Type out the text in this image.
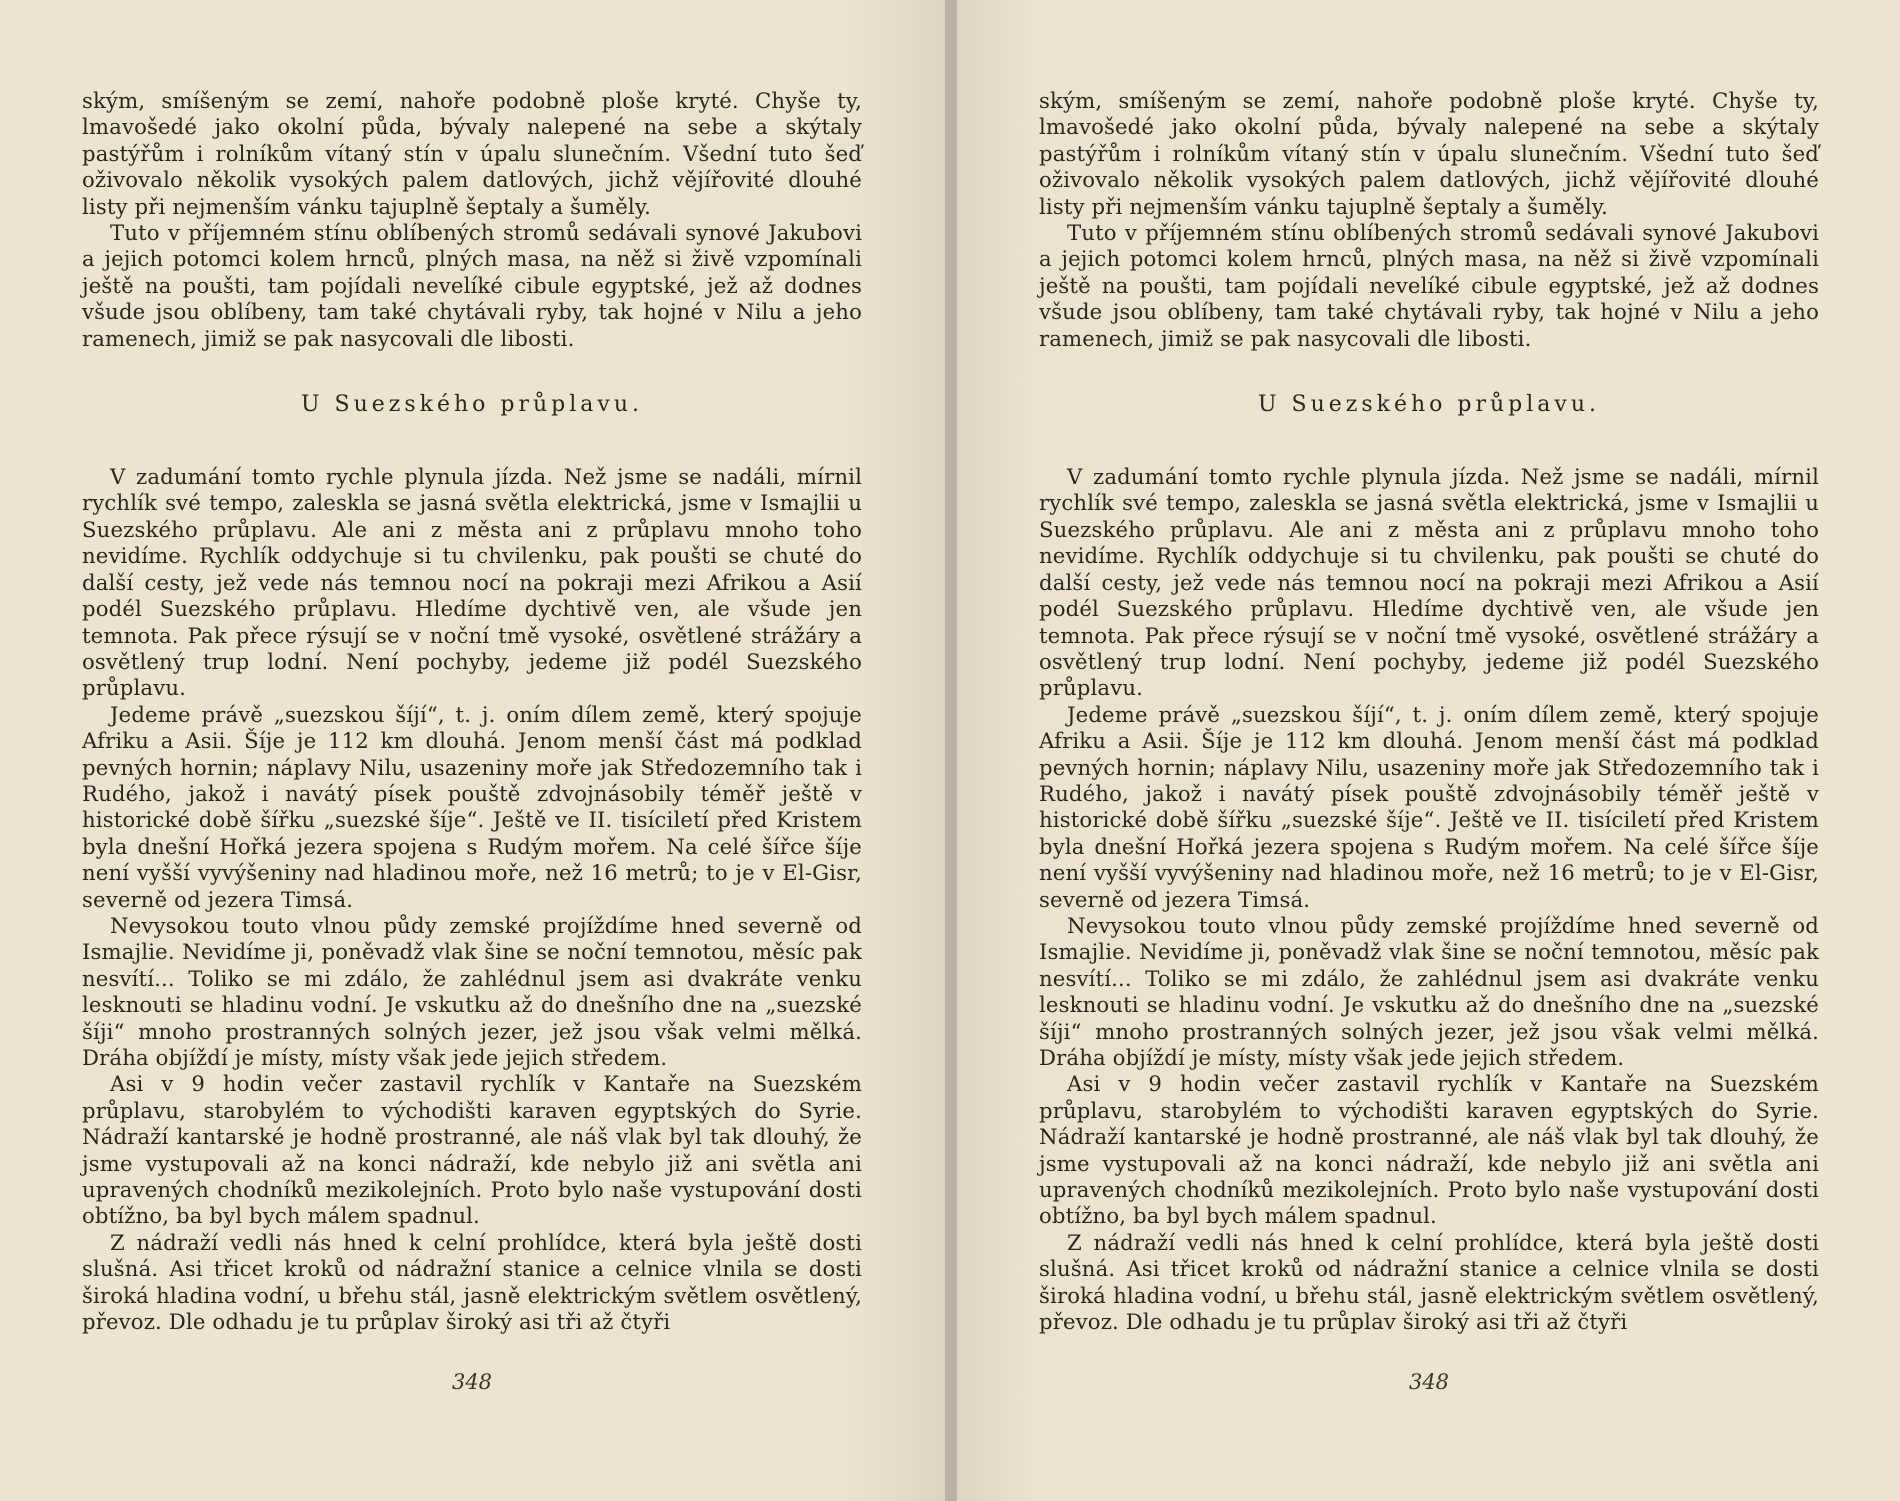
ským, smíšeným se zemí, nahoře podobně ploše kryté. Chyše ty, lmavošedé jako okolní půda, bývaly nalepené na sebe a skýtaly pastýřům i rolníkům vítaný stín v úpalu slunečním. Všední tuto šeď oživovalo několik vysokých palem datlových, jichž vějířovité dlouhé listy při nejmenším vánku tajuplně šeptaly a šuměly.

Tuto v příjemném stínu oblíbených stromů sedávali synové Jakubovi a jejich potomci kolem hrnců, plných masa, na něž si živě vzpomínali ještě na poušti, tam pojídali nevelíké cibule egyptské, jež až dodnes všude jsou oblíbeny, tam také chytávali ryby, tak hojné v Nilu a jeho ramenech, jimiž se pak nasycovali dle libosti.

U Suezského průplavu.

V zadumání tomto rychle plynula jízda. Než jsme se nadáli, mírnil rychlík své tempo, zaleskla se jasná světla elektrická, jsme v Ismajlii u Suezského průplavu. Ale ani z města ani z průplavu mnoho toho nevidíme. Rychlík oddychuje si tu chvilenku, pak poušti se chuté do další cesty, jež vede nás temnou nocí na pokraji mezi Afrikou a Asií podél Suezského průplavu. Hledíme dychtivě ven, ale všude jen temnota. Pak přece rýsují se v noční tmě vysoké, osvětlené strážáry a osvětlený trup lodní. Není pochyby, jedeme již podél Suezského průplavu.

Jedeme právě „suezskou šíjí“, t. j. oním dílem země, který spojuje Afriku a Asii. Šíje je 112 km dlouhá. Jenom menší část má podklad pevných hornin; náplavy Nilu, usazeniny moře jak Středozemního tak i Rudého, jakož i navátý písek pouště zdvojnásobily téměř ještě v historické době šířku „suezské šíje“. Ještě ve II. tisíciletí před Kristem byla dnešní Hořká jezera spojena s Rudým mořem. Na celé šířce šíje není vyšší vyvýšeniny nad hladinou moře, než 16 metrů; to je v El-Gisr, severně od jezera Timsá.

Nevysokou touto vlnou půdy zemské projíždíme hned severně od Ismajlie. Nevidíme ji, poněvadž vlak šine se noční temnotou, měsíc pak nesvítí... Toliko se mi zdálo, že zahlédnul jsem asi dvakráte venku lesknouti se hladinu vodní. Je vskutku až do dnešního dne na „suezské šíji“ mnoho prostranných solných jezer, jež jsou však velmi mělká. Dráha objíždí je místy, místy však jede jejich středem.

Asi v 9 hodin večer zastavil rychlík v Kantaře na Suezském průplavu, starobylém to východišti karaven egyptských do Syrie. Nádraží kantarské je hodně prostranné, ale náš vlak byl tak dlouhý, že jsme vystupovali až na konci nádraží, kde nebylo již ani světla ani upravených chodníků mezikolejních. Proto bylo naše vystupování dosti obtížno, ba byl bych málem spadnul.

Z nádraží vedli nás hned k celní prohlídce, která byla ještě dosti slušná. Asi třicet kroků od nádražní stanice a celnice vlnila se dosti široká hladina vodní, u břehu stál, jasně elektrickým světlem osvětlený, převoz. Dle odhadu je tu průplav široký asi tři až čtyři

348

ským, smíšeným se zemí, nahoře podobně ploše kryté. Chyše ty, lmavošedé jako okolní půda, bývaly nalepené na sebe a skýtaly pastýřům i rolníkům vítaný stín v úpalu slunečním. Všední tuto šeď oživovalo několik vysokých palem datlových, jichž vějířovité dlouhé listy při nejmenším vánku tajuplně šeptaly a šuměly.

Tuto v příjemném stínu oblíbených stromů sedávali synové Jakubovi a jejich potomci kolem hrnců, plných masa, na něž si živě vzpomínali ještě na poušti, tam pojídali nevelíké cibule egyptské, jež až dodnes všude jsou oblíbeny, tam také chytávali ryby, tak hojné v Nilu a jeho ramenech, jimiž se pak nasycovali dle libosti.

U Suezského průplavu.

V zadumání tomto rychle plynula jízda. Než jsme se nadáli, mírnil rychlík své tempo, zaleskla se jasná světla elektrická, jsme v Ismajlii u Suezského průplavu. Ale ani z města ani z průplavu mnoho toho nevidíme. Rychlík oddychuje si tu chvilenku, pak poušti se chuté do další cesty, jež vede nás temnou nocí na pokraji mezi Afrikou a Asií podél Suezského průplavu. Hledíme dychtivě ven, ale všude jen temnota. Pak přece rýsují se v noční tmě vysoké, osvětlené strážáry a osvětlený trup lodní. Není pochyby, jedeme již podél Suezského průplavu.

Jedeme právě „suezskou šíjí“, t. j. oním dílem země, který spojuje Afriku a Asii. Šíje je 112 km dlouhá. Jenom menší část má podklad pevných hornin; náplavy Nilu, usazeniny moře jak Středozemního tak i Rudého, jakož i navátý písek pouště zdvojnásobily téměř ještě v historické době šířku „suezské šíje“. Ještě ve II. tisíciletí před Kristem byla dnešní Hořká jezera spojena s Rudým mořem. Na celé šířce šíje není vyšší vyvýšeniny nad hladinou moře, než 16 metrů; to je v El-Gisr, severně od jezera Timsá.

Nevysokou touto vlnou půdy zemské projíždíme hned severně od Ismajlie. Nevidíme ji, poněvadž vlak šine se noční temnotou, měsíc pak nesvítí... Toliko se mi zdálo, že zahlédnul jsem asi dvakráte venku lesknouti se hladinu vodní. Je vskutku až do dnešního dne na „suezské šíji“ mnoho prostranných solných jezer, jež jsou však velmi mělká. Dráha objíždí je místy, místy však jede jejich středem.

Asi v 9 hodin večer zastavil rychlík v Kantaře na Suezském průplavu, starobylém to východišti karaven egyptských do Syrie. Nádraží kantarské je hodně prostranné, ale náš vlak byl tak dlouhý, že jsme vystupovali až na konci nádraží, kde nebylo již ani světla ani upravených chodníků mezikolejních. Proto bylo naše vystupování dosti obtížno, ba byl bych málem spadnul.

Z nádraží vedli nás hned k celní prohlídce, která byla ještě dosti slušná. Asi třicet kroků od nádražní stanice a celnice vlnila se dosti široká hladina vodní, u břehu stál, jasně elektrickým světlem osvětlený, převoz. Dle odhadu je tu průplav široký asi tři až čtyři

348
